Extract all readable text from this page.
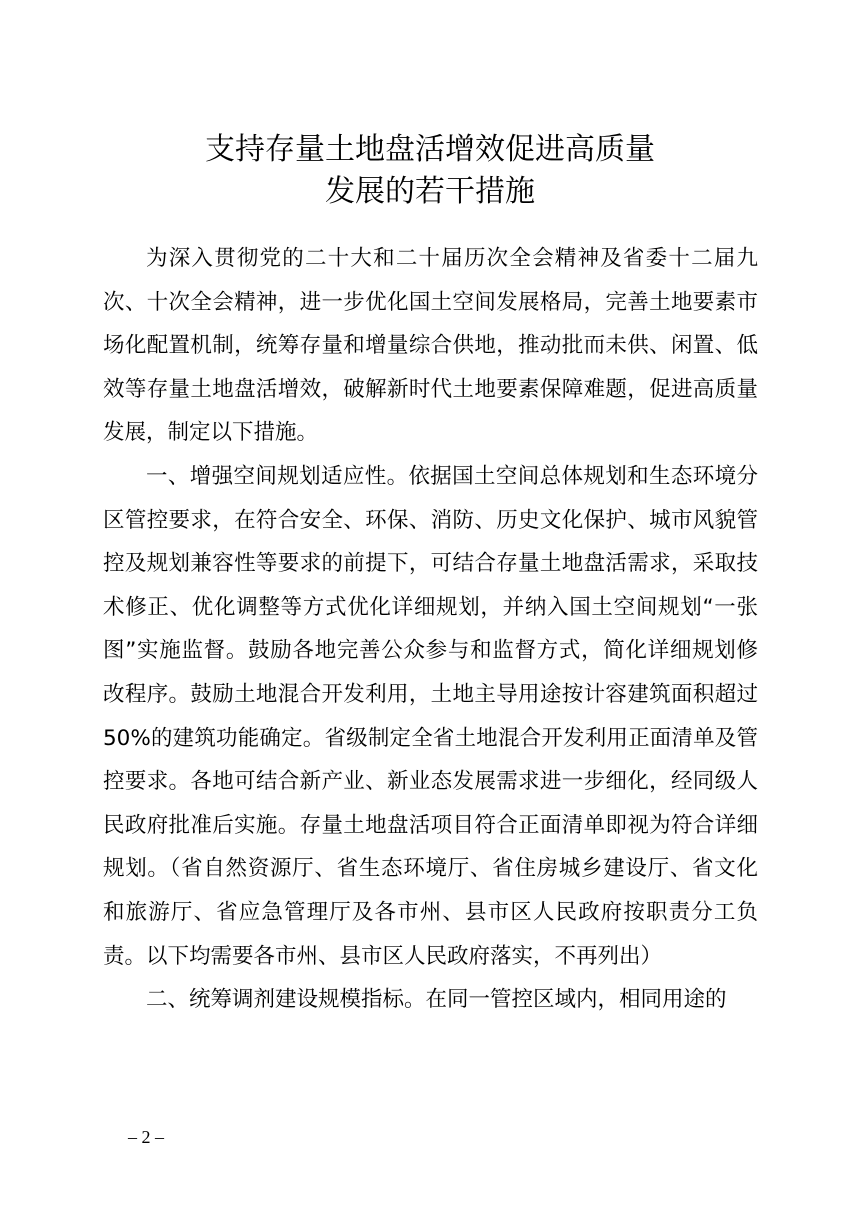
支持存量土地盘活增效促进高质量
发展的若干措施

为深入贯彻党的二十大和二十届历次全会精神及省委十二届九次、十次全会精神，进一步优化国土空间发展格局，完善土地要素市场化配置机制，统筹存量和增量综合供地，推动批而未供、闲置、低效等存量土地盘活增效，破解新时代土地要素保障难题，促进高质量发展，制定以下措施。

一、增强空间规划适应性。依据国土空间总体规划和生态环境分区管控要求，在符合安全、环保、消防、历史文化保护、城市风貌管控及规划兼容性等要求的前提下，可结合存量土地盘活需求，采取技术修正、优化调整等方式优化详细规划，并纳入国土空间规划“一张图”实施监督。鼓励各地完善公众参与和监督方式，简化详细规划修改程序。鼓励土地混合开发利用，土地主导用途按计容建筑面积超过50%的建筑功能确定。省级制定全省土地混合开发利用正面清单及管控要求。各地可结合新产业、新业态发展需求进一步细化，经同级人民政府批准后实施。存量土地盘活项目符合正面清单即视为符合详细规划。（省自然资源厅、省生态环境厅、省住房城乡建设厅、省文化和旅游厅、省应急管理厅及各市州、县市区人民政府按职责分工负责。以下均需要各市州、县市区人民政府落实，不再列出）

二、统筹调剂建设规模指标。在同一管控区域内，相同用途的

– 2 –
